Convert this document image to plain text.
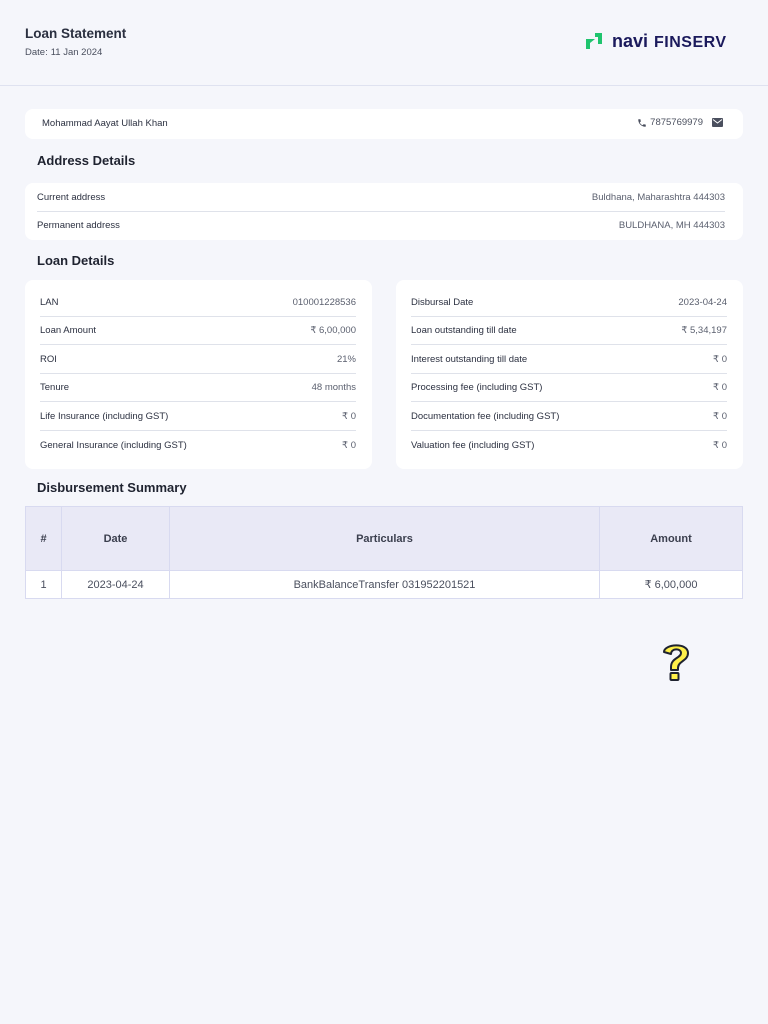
Loan Statement
Date: 11 Jan 2024
navi FINSERV
Mohammad Aayat Ullah Khan	7875769979
Address Details
Current address	Buldhana, Maharashtra 444303
Permanent address	BULDHANA, MH 444303
Loan Details
LAN	010001228536
Loan Amount	₹ 6,00,000
ROI	21%
Tenure	48 months
Life Insurance (including GST)	₹ 0
General Insurance (including GST)	₹ 0
Disbursal Date	2023-04-24
Loan outstanding till date	₹ 5,34,197
Interest outstanding till date	₹ 0
Processing fee (including GST)	₹ 0
Documentation fee (including GST)	₹ 0
Valuation fee (including GST)	₹ 0
Disbursement Summary
#	Date	Particulars	Amount
1	2023-04-24	BankBalanceTransfer 031952201521	₹ 6,00,000
